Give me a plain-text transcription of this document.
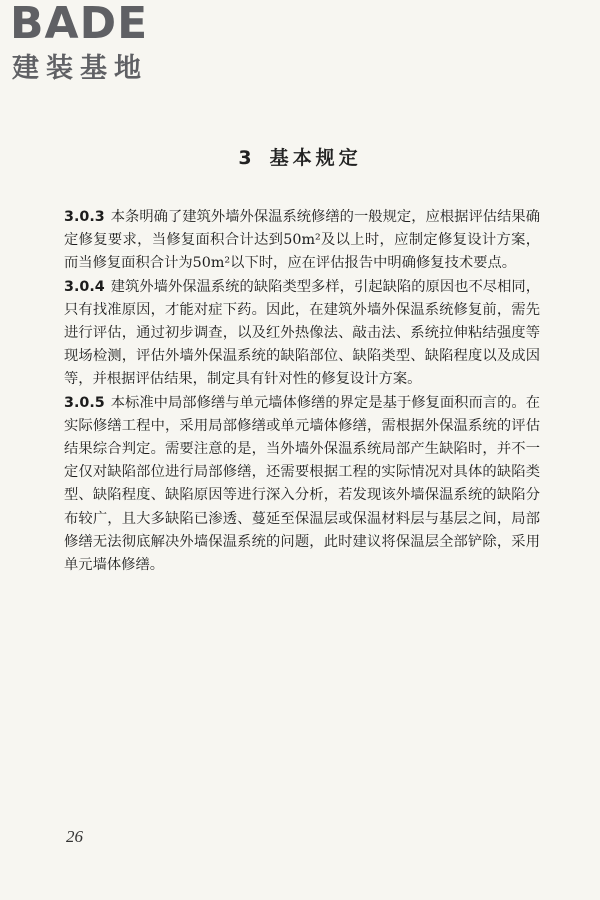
BADE
建装基地
3 基本规定

3.0.3 本条明确了建筑外墙外保温系统修缮的一般规定，应根据评估结果确定修复要求，当修复面积合计达到50m²及以上时，应制定修复设计方案，而当修复面积合计为50m²以下时，应在评估报告中明确修复技术要点。

3.0.4 建筑外墙外保温系统的缺陷类型多样，引起缺陷的原因也不尽相同，只有找准原因，才能对症下药。因此，在建筑外墙外保温系统修复前，需先进行评估，通过初步调查，以及红外热像法、敲击法、系统拉伸粘结强度等现场检测，评估外墙外保温系统的缺陷部位、缺陷类型、缺陷程度以及成因等，并根据评估结果，制定具有针对性的修复设计方案。

3.0.5 本标准中局部修缮与单元墙体修缮的界定是基于修复面积而言的。在实际修缮工程中，采用局部修缮或单元墙体修缮，需根据外保温系统的评估结果综合判定。需要注意的是，当外墙外保温系统局部产生缺陷时，并不一定仅对缺陷部位进行局部修缮，还需要根据工程的实际情况对具体的缺陷类型、缺陷程度、缺陷原因等进行深入分析，若发现该外墙保温系统的缺陷分布较广，且大多缺陷已渗透、蔓延至保温层或保温材料层与基层之间，局部修缮无法彻底解决外墙保温系统的问题，此时建议将保温层全部铲除，采用单元墙体修缮。

26
